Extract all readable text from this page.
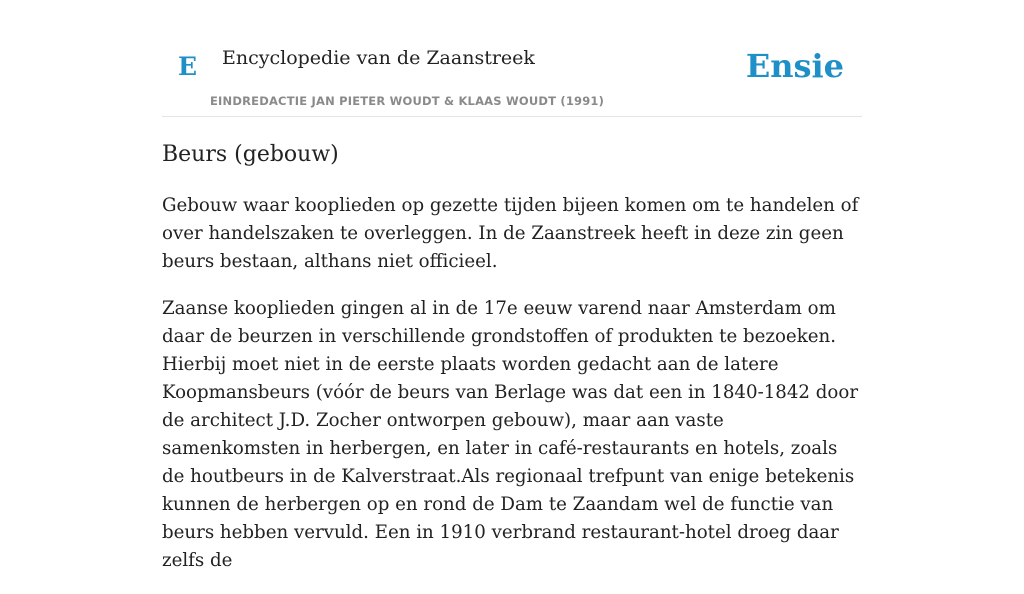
E Encyclopedie van de Zaanstreek
EINDREDACTIE JAN PIETER WOUDT & KLAAS WOUDT (1991)
Ensie
Beurs (gebouw)

Gebouw waar kooplieden op gezette tijden bijeen komen om te handelen of over handelszaken te overleggen. In de Zaanstreek heeft in deze zin geen beurs bestaan, althans niet officieel.

Zaanse kooplieden gingen al in de 17e eeuw varend naar Amsterdam om daar de beurzen in verschillende grondstoffen of produkten te bezoeken. Hierbij moet niet in de eerste plaats worden gedacht aan de latere Koopmansbeurs (vóór de beurs van Berlage was dat een in 1840-1842 door de architect J.D. Zocher ontworpen gebouw), maar aan vaste samenkomsten in herbergen, en later in café-restaurants en hotels, zoals de houtbeurs in de Kalverstraat.Als regionaal trefpunt van enige betekenis kunnen de herbergen op en rond de Dam te Zaandam wel de functie van beurs hebben vervuld. Een in 1910 verbrand restaurant-hotel droeg daar zelfs de
